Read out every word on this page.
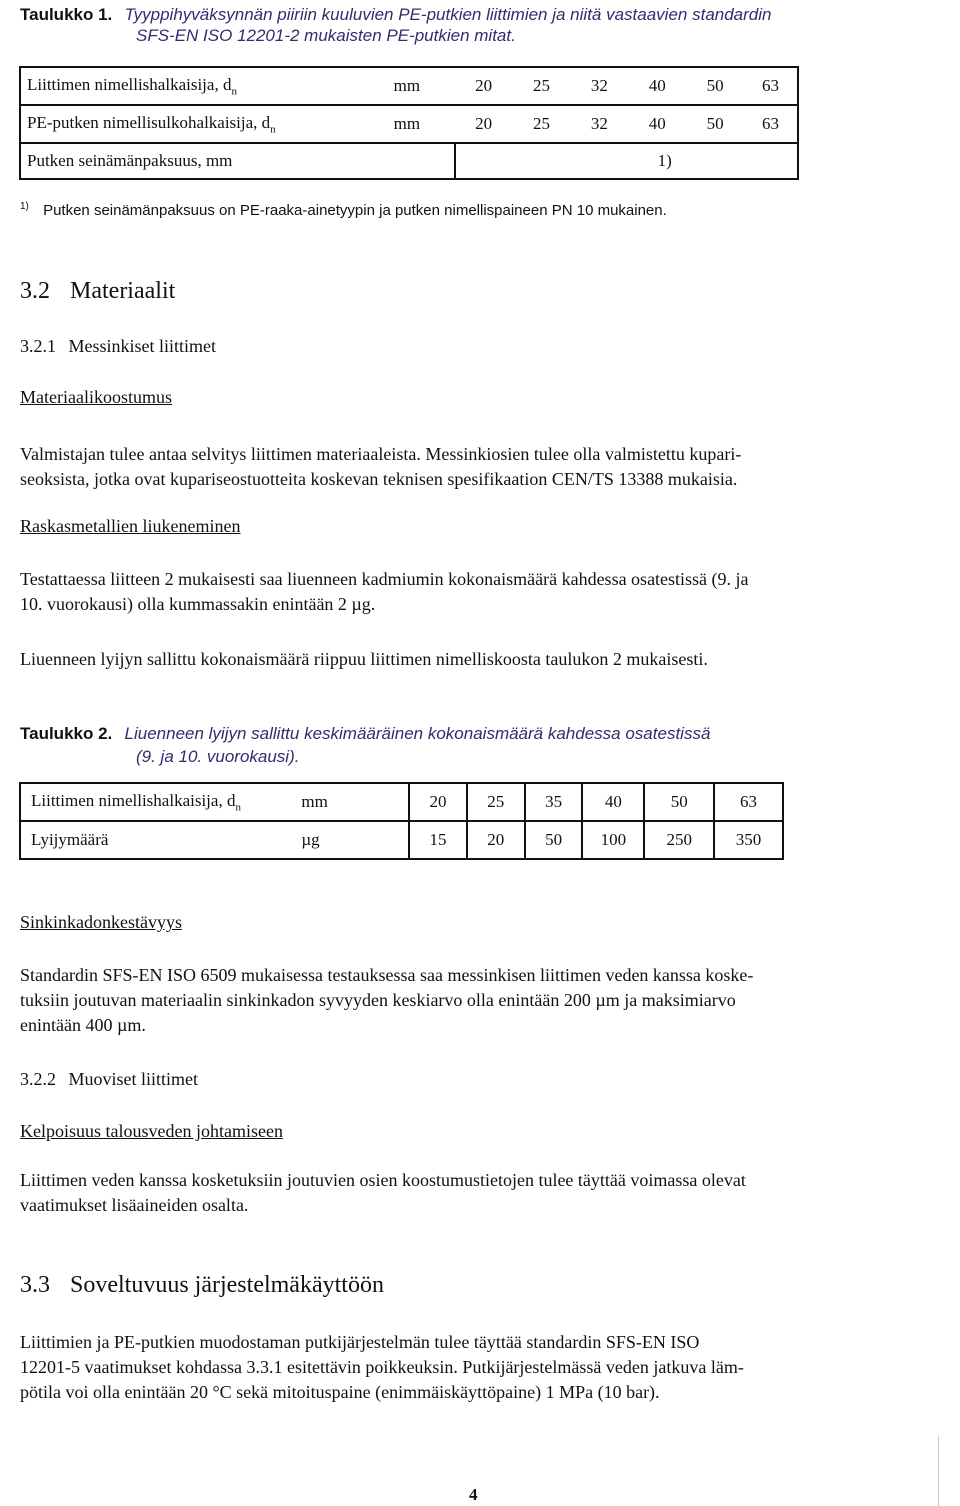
Taulukko 1. Tyyppihyväksynnän piiriin kuuluvien PE-putkien liittimien ja niitä vastaavien standardin
SFS-EN ISO 12201-2 mukaisten PE-putkien mitat.
Liittimen nimellishalkaisija, $d_n$	mm	20	25	32	40	50	63
PE-putken nimellisulkohalkaisija, $d_n$	mm	20	25	32	40	50	63
Putken seinämänpaksuus, mm		1)					
$^{1)}$ Putken seinämänpaksuus on PE-raaka-ainetyypin ja putken nimellispaineen PN 10 mukainen.
3.2 Materiaalit
3.2.1 Messinkiset liittimet
Materiaalikoostumus
Valmistajan tulee antaa selvitys liittimen materiaaleista. Messinkiosien tulee olla valmistettu kupari-
seoksista, jotka ovat kupariseostuotteita koskevan teknisen spesifikaation CEN/TS 13388 mukaisia.
Raskasmetallien liukeneminen
Testattaessa liitteen 2 mukaisesti saa liuenneen kadmiumin kokonaismäärä kahdessa osatestissä (9. ja
10. vuorokausi) olla kummassakin enintään 2 µg.
Liuenneen lyijyn sallittu kokonaismäärä riippuu liittimen nimelliskoosta taulukon 2 mukaisesti.
Taulukko 2. Liuenneen lyijyn sallittu keskimääräinen kokonaismäärä kahdessa osatestissä
(9. ja 10. vuorokausi).
Liittimen nimellishalkaisija, $d_n$	mm	20	25	35	40	50	63
Lyijymäärä	µg	15	20	50	100	250	350
Sinkinkadonkestävyys
Standardin SFS-EN ISO 6509 mukaisessa testauksessa saa messinkisen liittimen veden kanssa koske-
tuksiin joutuvan materiaalin sinkinkadon syvyyden keskiarvo olla enintään 200 µm ja maksimiarvo
enintään 400 µm.
3.2.2 Muoviset liittimet
Kelpoisuus talousveden johtamiseen
Liittimen veden kanssa kosketuksiin joutuvien osien koostumustietojen tulee täyttää voimassa olevat
vaatimukset lisäaineiden osalta.
3.3 Soveltuvuus järjestelmäkäyttöön
Liittimien ja PE-putkien muodostaman putkijärjestelmän tulee täyttää standardin SFS-EN ISO
12201-5 vaatimukset kohdassa 3.3.1 esitettävin poikkeuksin. Putkijärjestelmässä veden jatkuva läm-
pötila voi olla enintään 20 °C sekä mitoituspaine (enimmäiskäyttöpaine) 1 MPa (10 bar).
4
